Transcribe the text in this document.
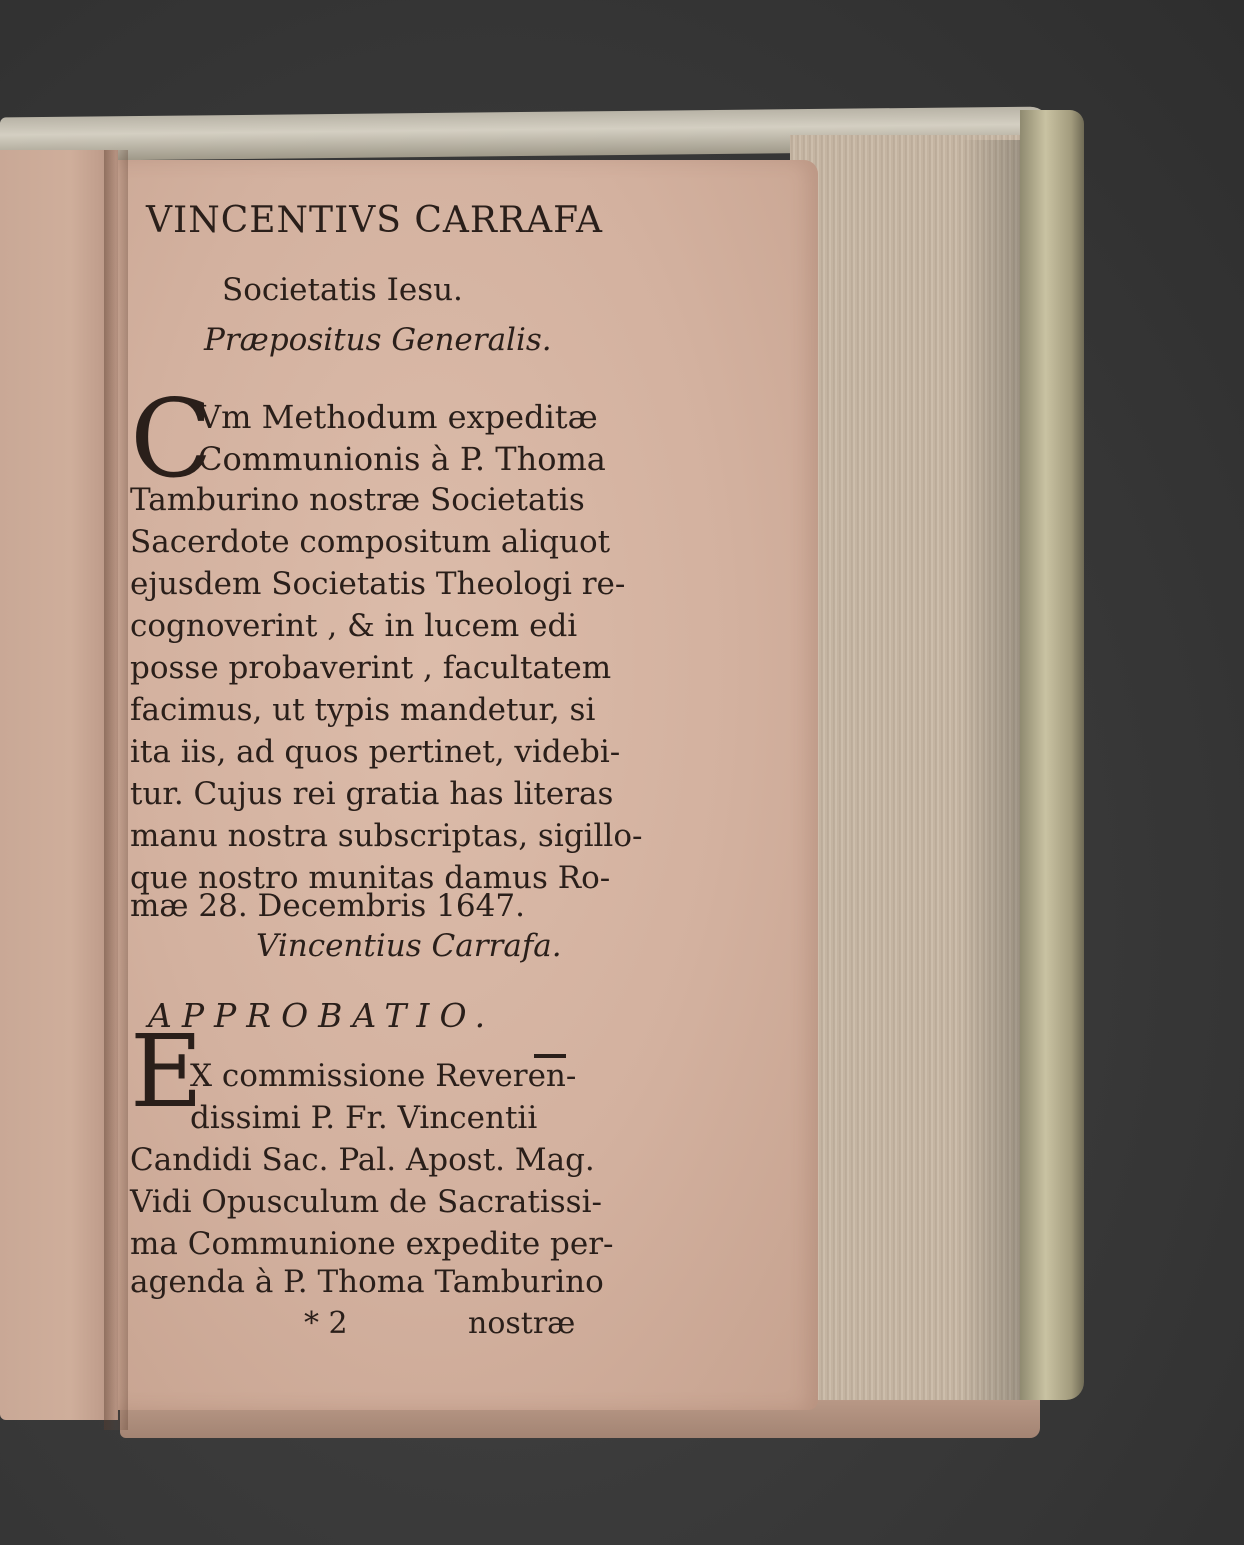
VINCENTIVS CARRAFA
Societatis Iesu.
Præpositus Generalis.
C
Vm Methodum expeditæ
Communionis à P. Thoma
Tamburino nostræ Societatis
Sacerdote compositum aliquot
ejusdem Societatis Theologi re-
cognoverint , & in lucem edi
posse probaverint , facultatem
facimus, ut typis mandetur, si
ita iis, ad quos pertinet, videbi-
tur. Cujus rei gratia has literas
manu nostra subscriptas, sigillo-
que nostro munitas damus Ro-
mæ 28. Decembris 1647.
Vincentius Carrafa.
APPROBATIO.
E
X commissione Reveren-
dissimi P. Fr. Vincentii
Candidi Sac. Pal. Apost. Mag.
Vidi Opusculum de Sacratissi-
ma Communione expedite per-
agenda à P. Thoma Tamburino
* 2	nostræ
